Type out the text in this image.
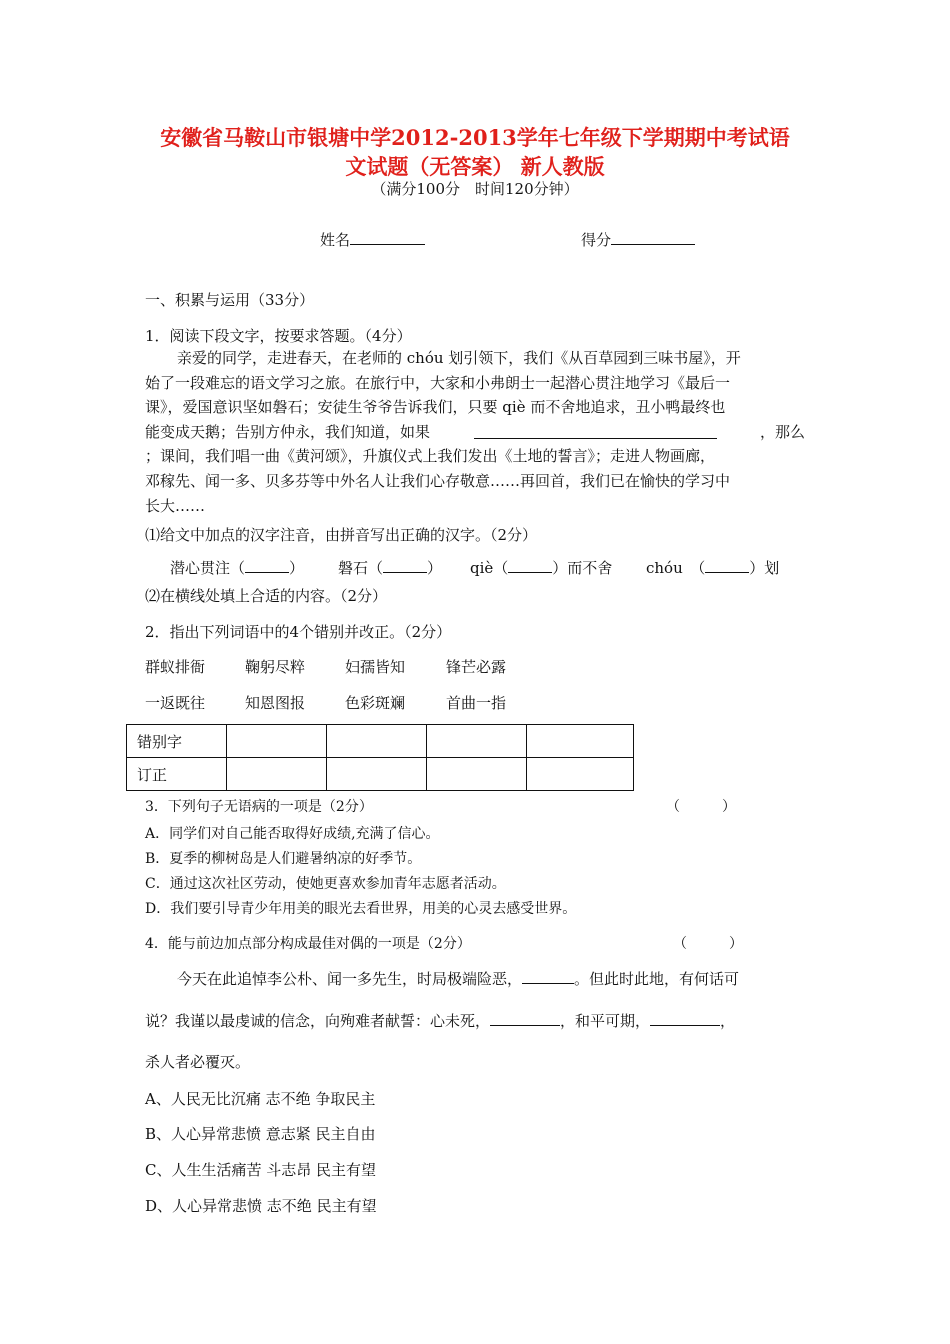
安徽省马鞍山市银塘中学2012-2013学年七年级下学期期中考试语
文试题（无答案） 新人教版
（满分100分　时间120分钟）
姓名	得分
一、积累与运用（33分）
1．阅读下段文字，按要求答题。（4分）
亲爱的同学，走进春天，在老师的 chóu 划引领下，我们《从百草园到三味书屋》，开
始了一段难忘的语文学习之旅。在旅行中，大家和小弗朗士一起潜心贯注地学习《最后一
课》，爱国意识坚如磐石；安徒生爷爷告诉我们，只要 qiè 而不舍地追求，丑小鸭最终也
能变成天鹅；告别方仲永，我们知道，如果	，那么
；课间，我们唱一曲《黄河颂》，升旗仪式上我们发出《土地的誓言》；走进人物画廊，
邓稼先、闻一多、贝多芬等中外名人让我们心存敬意……再回首，我们已在愉快的学习中
长大……
⑴给文中加点的汉字注音，由拼音写出正确的汉字。（2分）
潜心贯注（	） 磐石（	） qiè（	）而不舍 chóu　（	）划
⑵在横线处填上合适的内容。（2分）
2．指出下列词语中的4个错别并改正。（2分）
群蚁排衙	鞠躬尽粹	妇孺皆知	锋芒必露
一返既往	知恩图报	色彩斑斓	首曲一指
错别字				
订正				
3．下列句子无语病的一项是（2分）	（　　　）
A．同学们对自己能否取得好成绩,充满了信心。
B．夏季的柳树岛是人们避暑纳凉的好季节。
C．通过这次社区劳动，使她更喜欢参加青年志愿者活动。
D．我们要引导青少年用美的眼光去看世界，用美的心灵去感受世界。
4．能与前边加点部分构成最佳对偶的一项是（2分）	（　　　）
今天在此追悼李公朴、闻一多先生，时局极端险恶，	。但此时此地，有何话可
说？我谨以最虔诚的信念，向殉难者献誓：心未死，	，和平可期，	，
杀人者必覆灭。
A、人民无比沉痛 志不绝 争取民主
B、人心异常悲愤 意志紧 民主自由
C、人生生活痛苦 斗志昂 民主有望
D、人心异常悲愤 志不绝 民主有望
